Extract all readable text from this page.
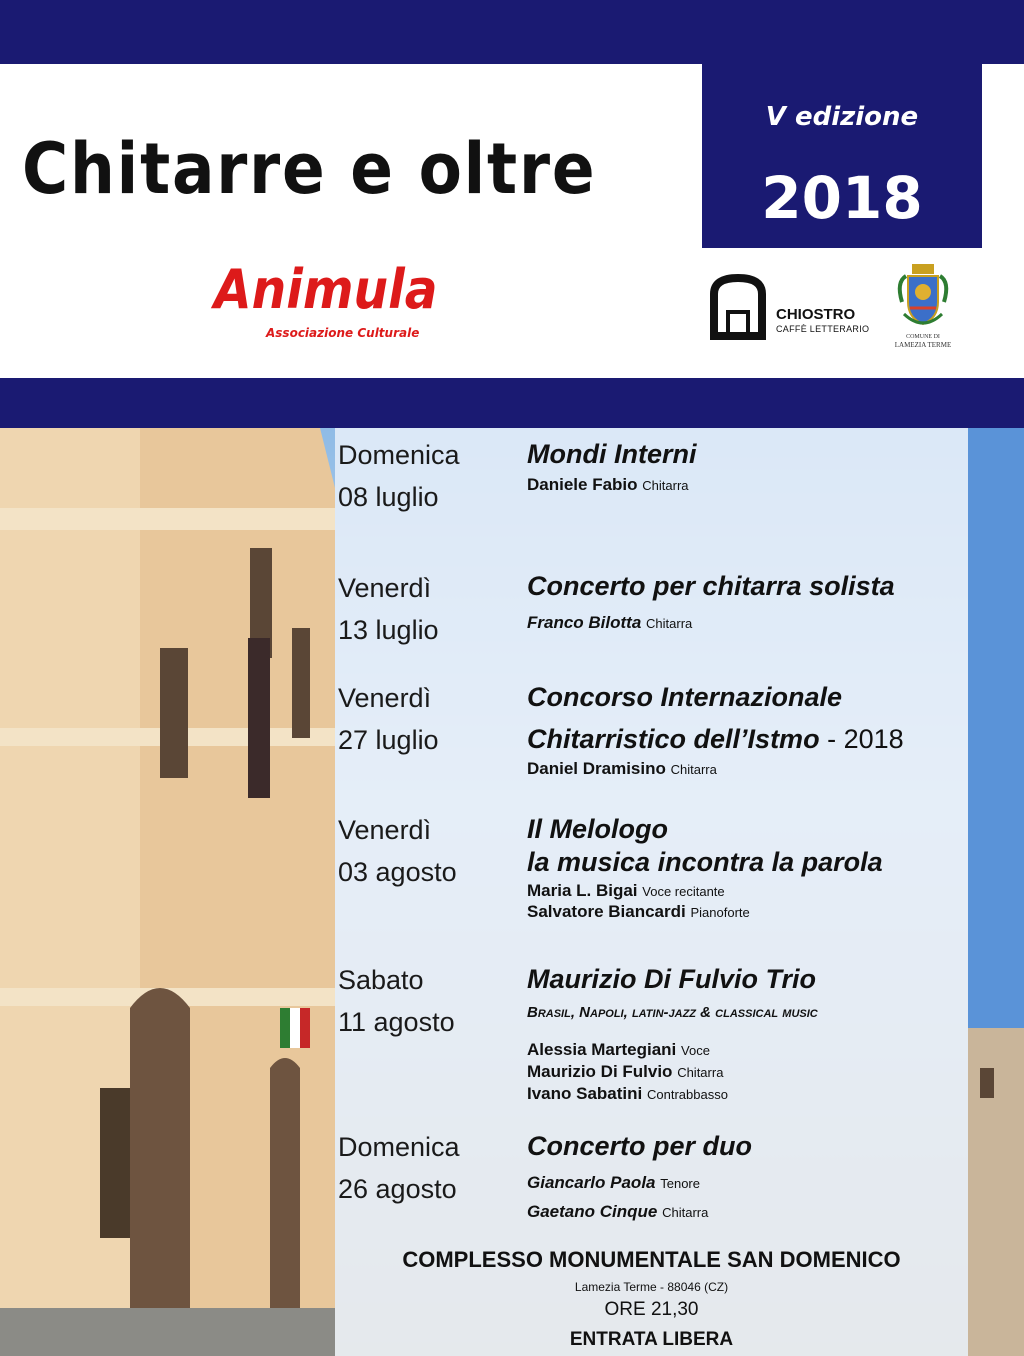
Chitarre e oltre
Animula
Associazione Culturale
V edizione
2018
CHIOSTRO
CAFFÈ LETTERARIO
COMUNE DI
LAMEZIA TERME
Domenica
08 luglio
Mondi Interni
Daniele Fabio Chitarra
Venerdì
13 luglio
Concerto per chitarra solista
Franco Bilotta Chitarra
Venerdì
27 luglio
Concorso Internazionale
Chitarristico dell’Istmo - 2018
Daniel Dramisino Chitarra
Venerdì
03 agosto
Il Melologo
la musica incontra la parola
Maria L. Bigai Voce recitante
Salvatore Biancardi Pianoforte
Sabato
11 agosto
Maurizio Di Fulvio Trio
Brasil, Napoli, latin-jazz & classical music
Alessia Martegiani Voce
Maurizio Di Fulvio Chitarra
Ivano Sabatini Contrabbasso
Domenica
26 agosto
Concerto per duo
Giancarlo Paola Tenore
Gaetano Cinque Chitarra
COMPLESSO MONUMENTALE SAN DOMENICO
Lamezia Terme - 88046 (CZ)
ORE 21,30
ENTRATA LIBERA
